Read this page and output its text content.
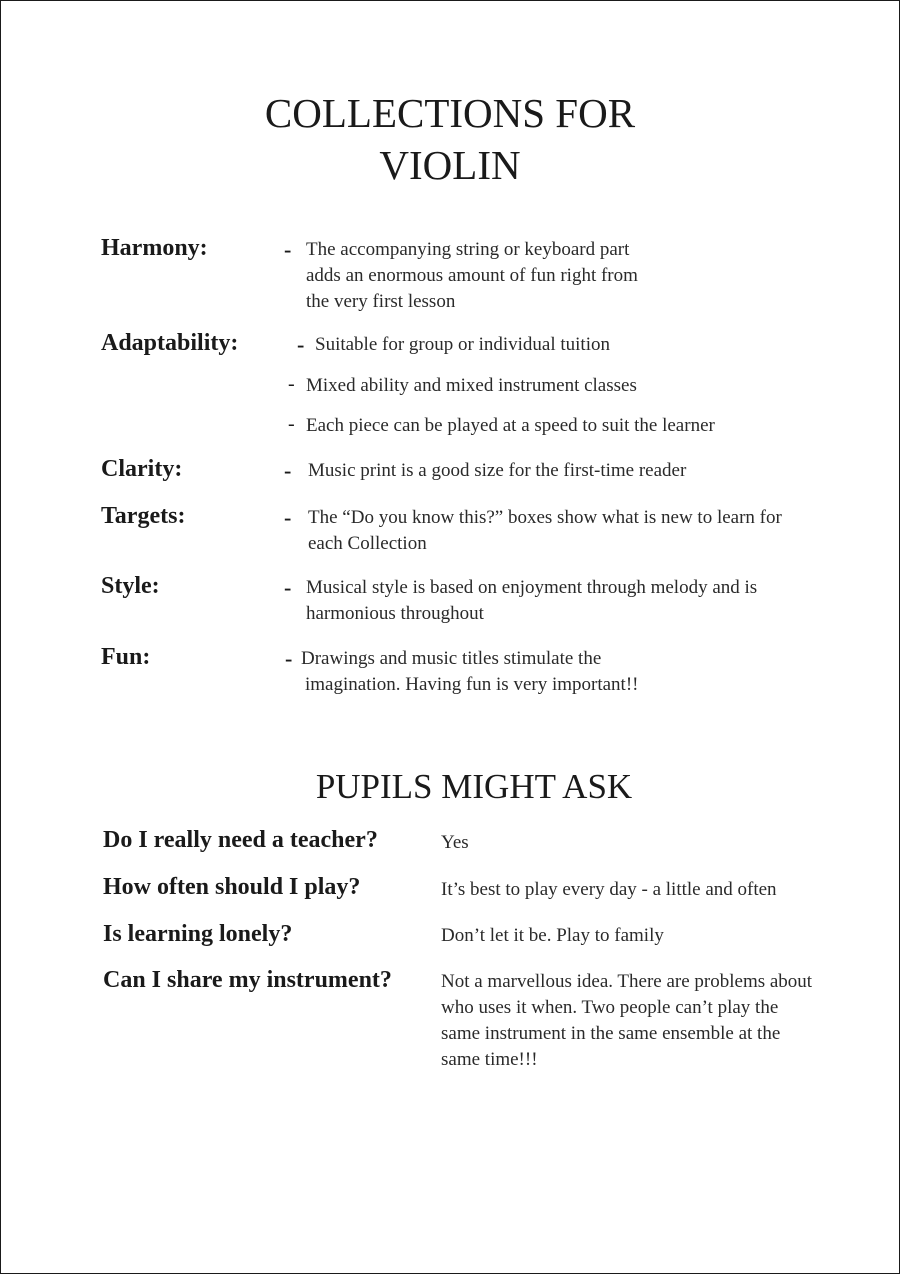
COLLECTIONS FOR
VIOLIN
Harmony:	- The accompanying string or keyboard part
adds an enormous amount of fun right from
the very first lesson
Adaptability:	- Suitable for group or individual tuition
- Mixed ability and mixed instrument classes
- Each piece can be played at a speed to suit the learner
Clarity:	- Music print is a good size for the first-time reader
Targets:	- The “Do you know this?” boxes show what is new to learn for
each Collection
Style:	- Musical style is based on enjoyment through melody and is
harmonious throughout
Fun:	- Drawings and music titles stimulate the
imagination. Having fun is very important!!
PUPILS MIGHT ASK
Do I really need a teacher?	Yes
How often should I play?	It’s best to play every day - a little and often
Is learning lonely?	Don’t let it be. Play to family
Can I share my instrument?	Not a marvellous idea. There are problems about
who uses it when. Two people can’t play the
same instrument in the same ensemble at the
same time!!!
